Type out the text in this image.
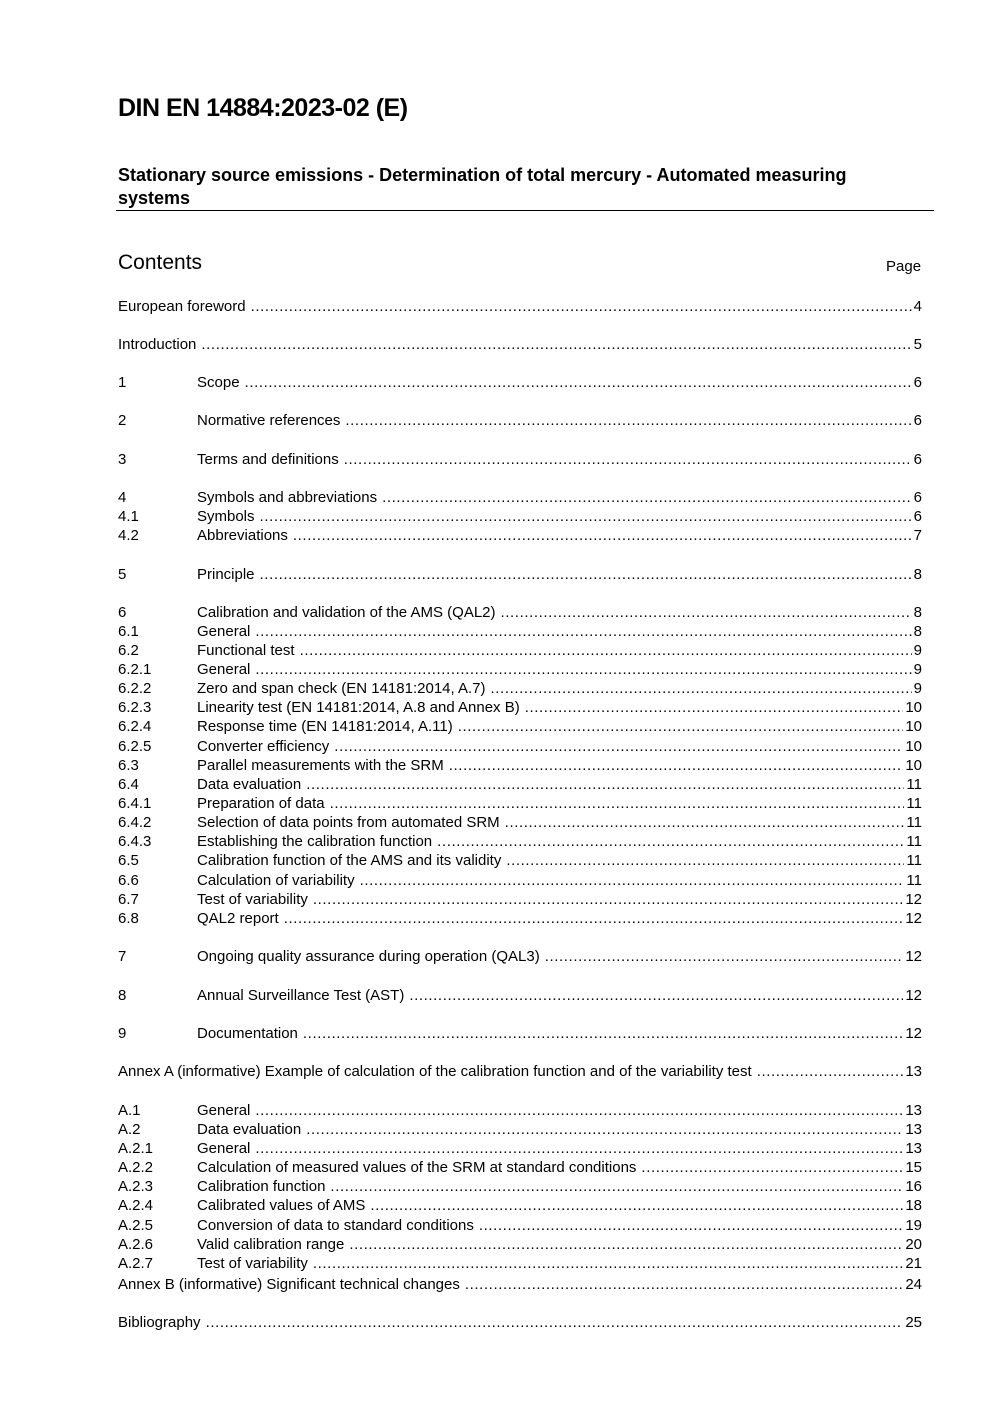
DIN EN 14884:2023-02 (E)
Stationary source emissions - Determination of total mercury - Automated measuring systems
Contents	Page
European foreword .....	4
Introduction .....	5
1	Scope .....	6
2	Normative references .....	6
3	Terms and definitions .....	6
4	Symbols and abbreviations .....	6
4.1	Symbols .....	6
4.2	Abbreviations .....	7
5	Principle .....	8
6	Calibration and validation of the AMS (QAL2) .....	8
6.1	General .....	8
6.2	Functional test .....	9
6.2.1	General .....	9
6.2.2	Zero and span check (EN 14181:2014, A.7) .....	9
6.2.3	Linearity test (EN 14181:2014, A.8 and Annex B) .....	10
6.2.4	Response time (EN 14181:2014, A.11) .....	10
6.2.5	Converter efficiency .....	10
6.3	Parallel measurements with the SRM .....	10
6.4	Data evaluation .....	11
6.4.1	Preparation of data .....	11
6.4.2	Selection of data points from automated SRM .....	11
6.4.3	Establishing the calibration function .....	11
6.5	Calibration function of the AMS and its validity .....	11
6.6	Calculation of variability .....	11
6.7	Test of variability .....	12
6.8	QAL2 report .....	12
7	Ongoing quality assurance during operation (QAL3) .....	12
8	Annual Surveillance Test (AST) .....	12
9	Documentation .....	12
Annex A (informative) Example of calculation of the calibration function and of the variability test .....	13
A.1	General .....	13
A.2	Data evaluation .....	13
A.2.1	General .....	13
A.2.2	Calculation of measured values of the SRM at standard conditions .....	15
A.2.3	Calibration function .....	16
A.2.4	Calibrated values of AMS .....	18
A.2.5	Conversion of data to standard conditions .....	19
A.2.6	Valid calibration range .....	20
A.2.7	Test of variability .....	21
Annex B (informative) Significant technical changes .....	24
Bibliography .....	25
